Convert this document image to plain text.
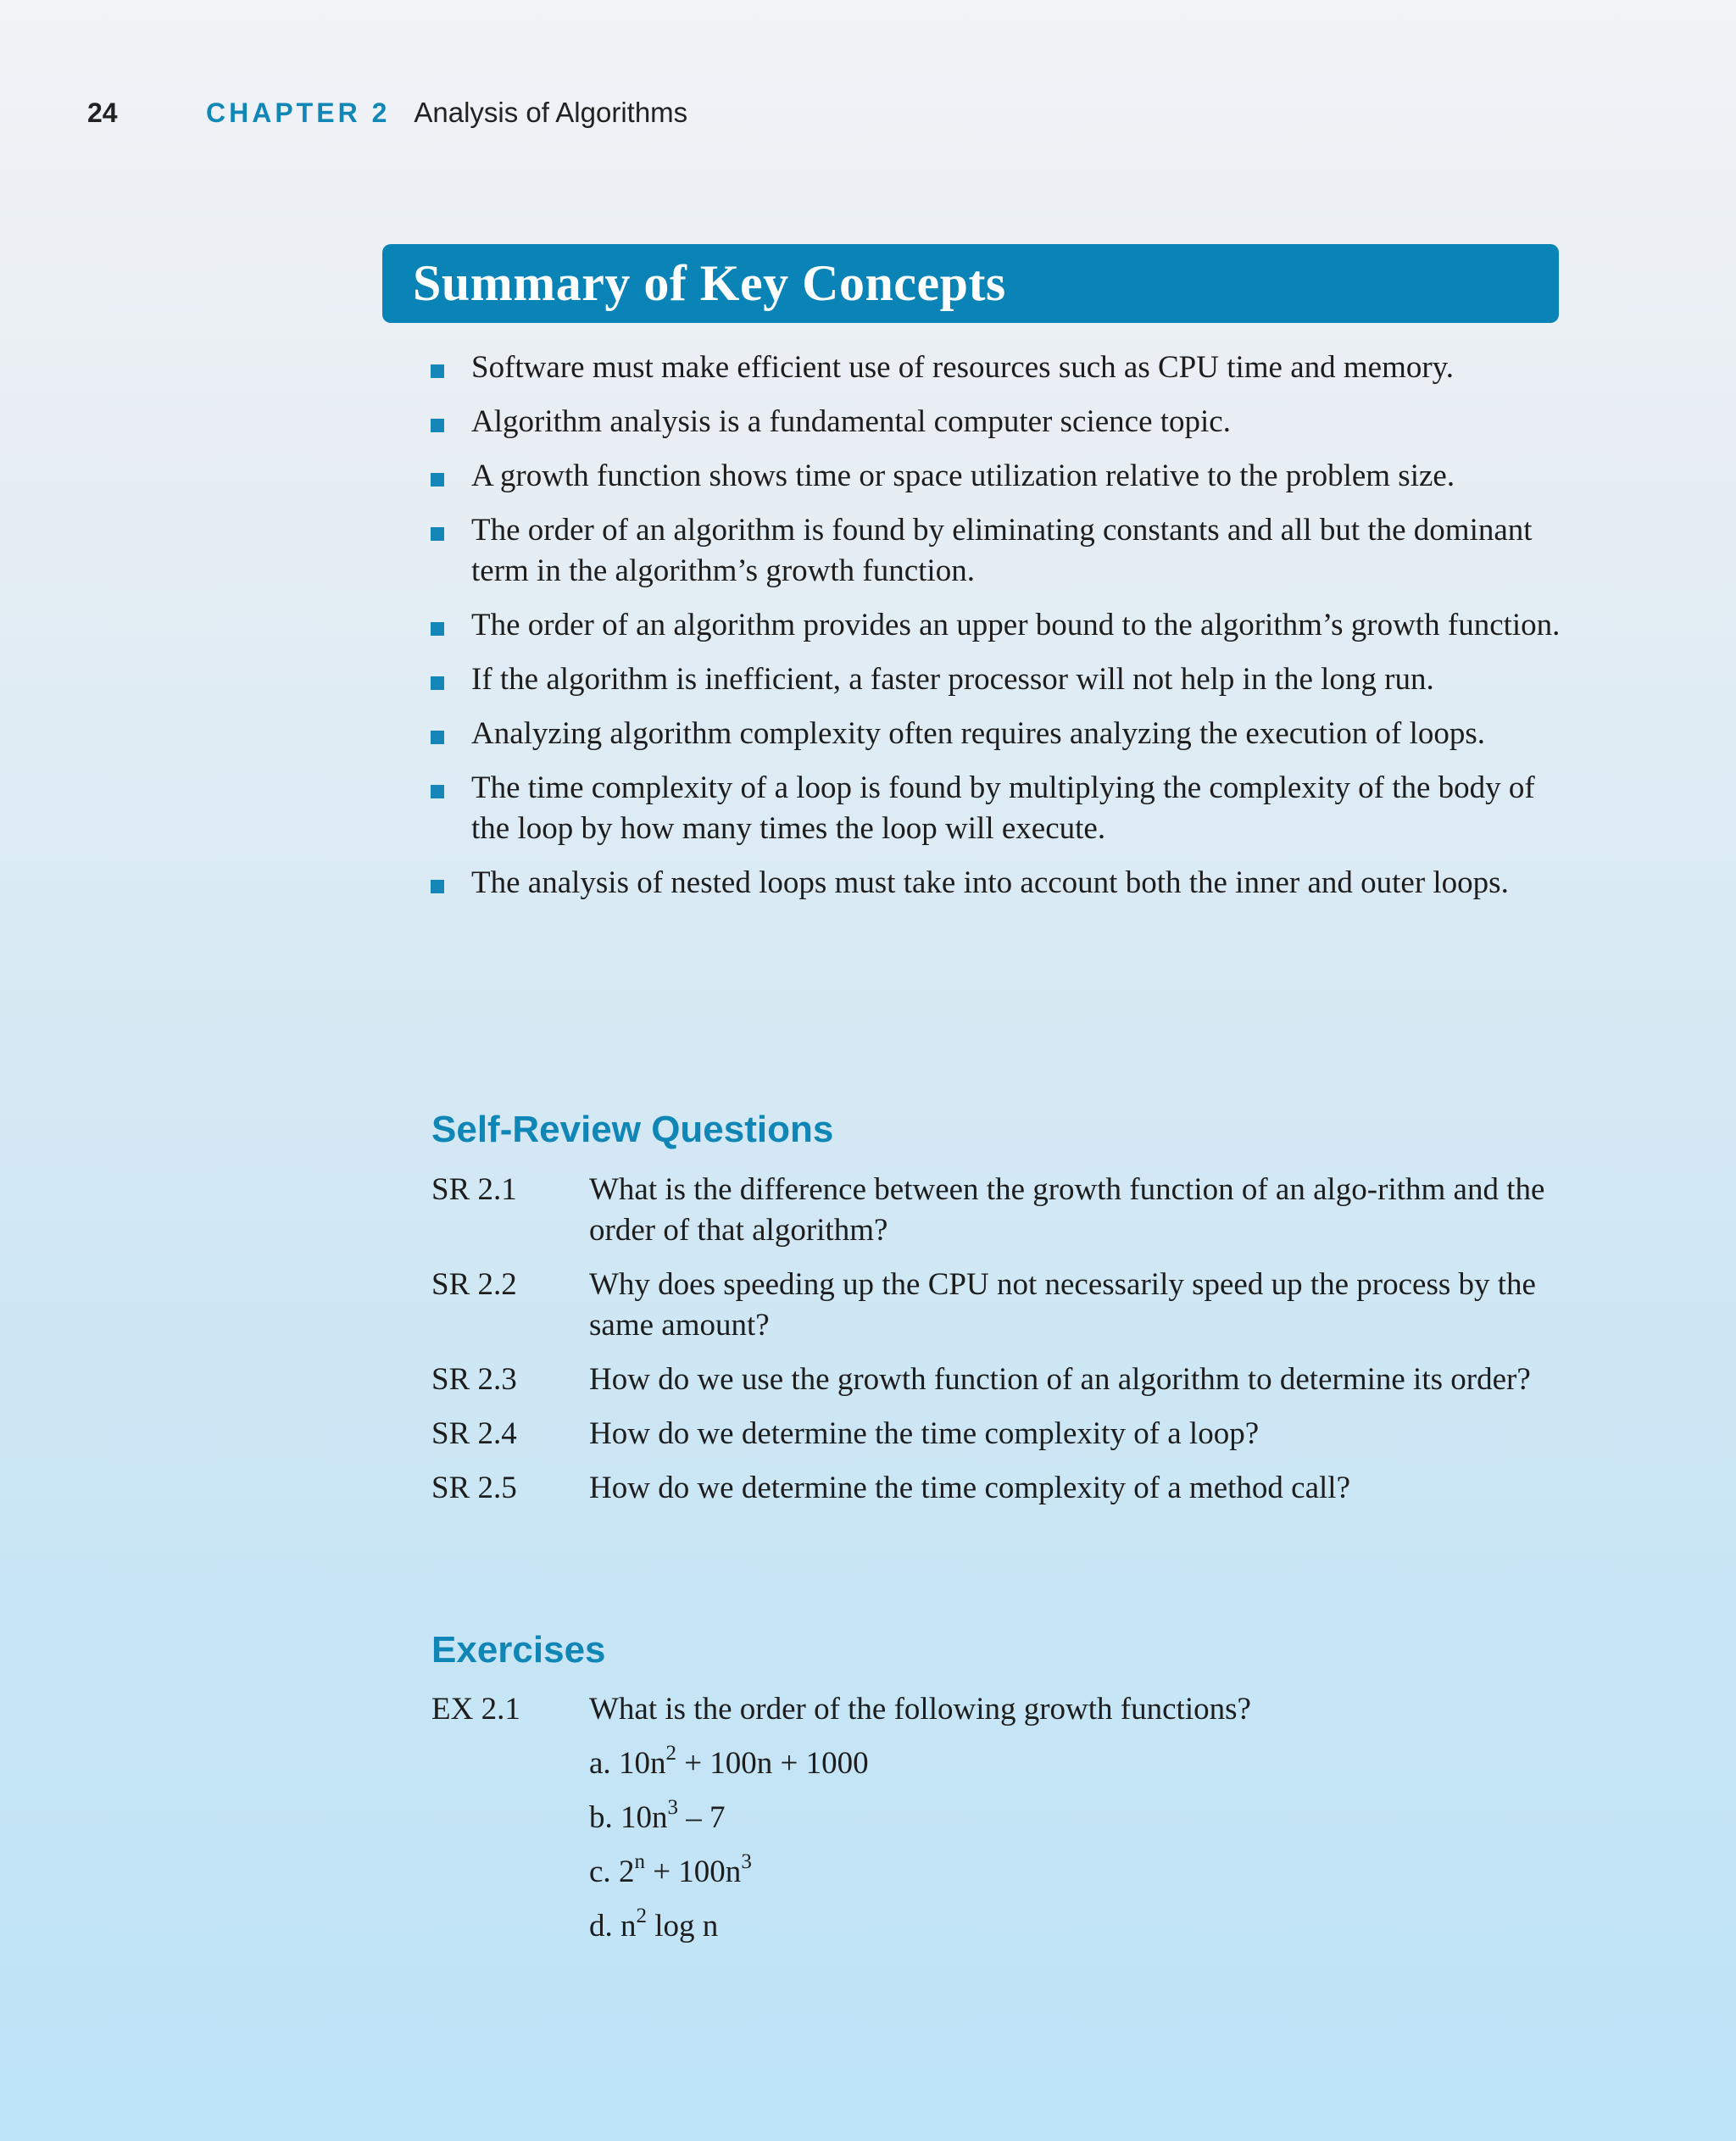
24	CHAPTER 2 Analysis of Algorithms
Summary of Key Concepts
Software must make efficient use of resources such as CPU time and memory.
Algorithm analysis is a fundamental computer science topic.
A growth function shows time or space utilization relative to the problem size.
The order of an algorithm is found by eliminating constants and all but the dominant term in the algorithm’s growth function.
The order of an algorithm provides an upper bound to the algorithm’s growth function.
If the algorithm is inefficient, a faster processor will not help in the long run.
Analyzing algorithm complexity often requires analyzing the execution of loops.
The time complexity of a loop is found by multiplying the complexity of the body of the loop by how many times the loop will execute.
The analysis of nested loops must take into account both the inner and outer loops.
Self-Review Questions
SR 2.1	What is the difference between the growth function of an algo-rithm and the order of that algorithm?
SR 2.2	Why does speeding up the CPU not necessarily speed up the process by the same amount?
SR 2.3	How do we use the growth function of an algorithm to determine its order?
SR 2.4	How do we determine the time complexity of a loop?
SR 2.5	How do we determine the time complexity of a method call?
Exercises
EX 2.1	What is the order of the following growth functions?
a. $10n^2 + 100n + 1000$
b. $10n^3 - 7$
c. $2^n + 100n^3$
d. $n^2$ log n
